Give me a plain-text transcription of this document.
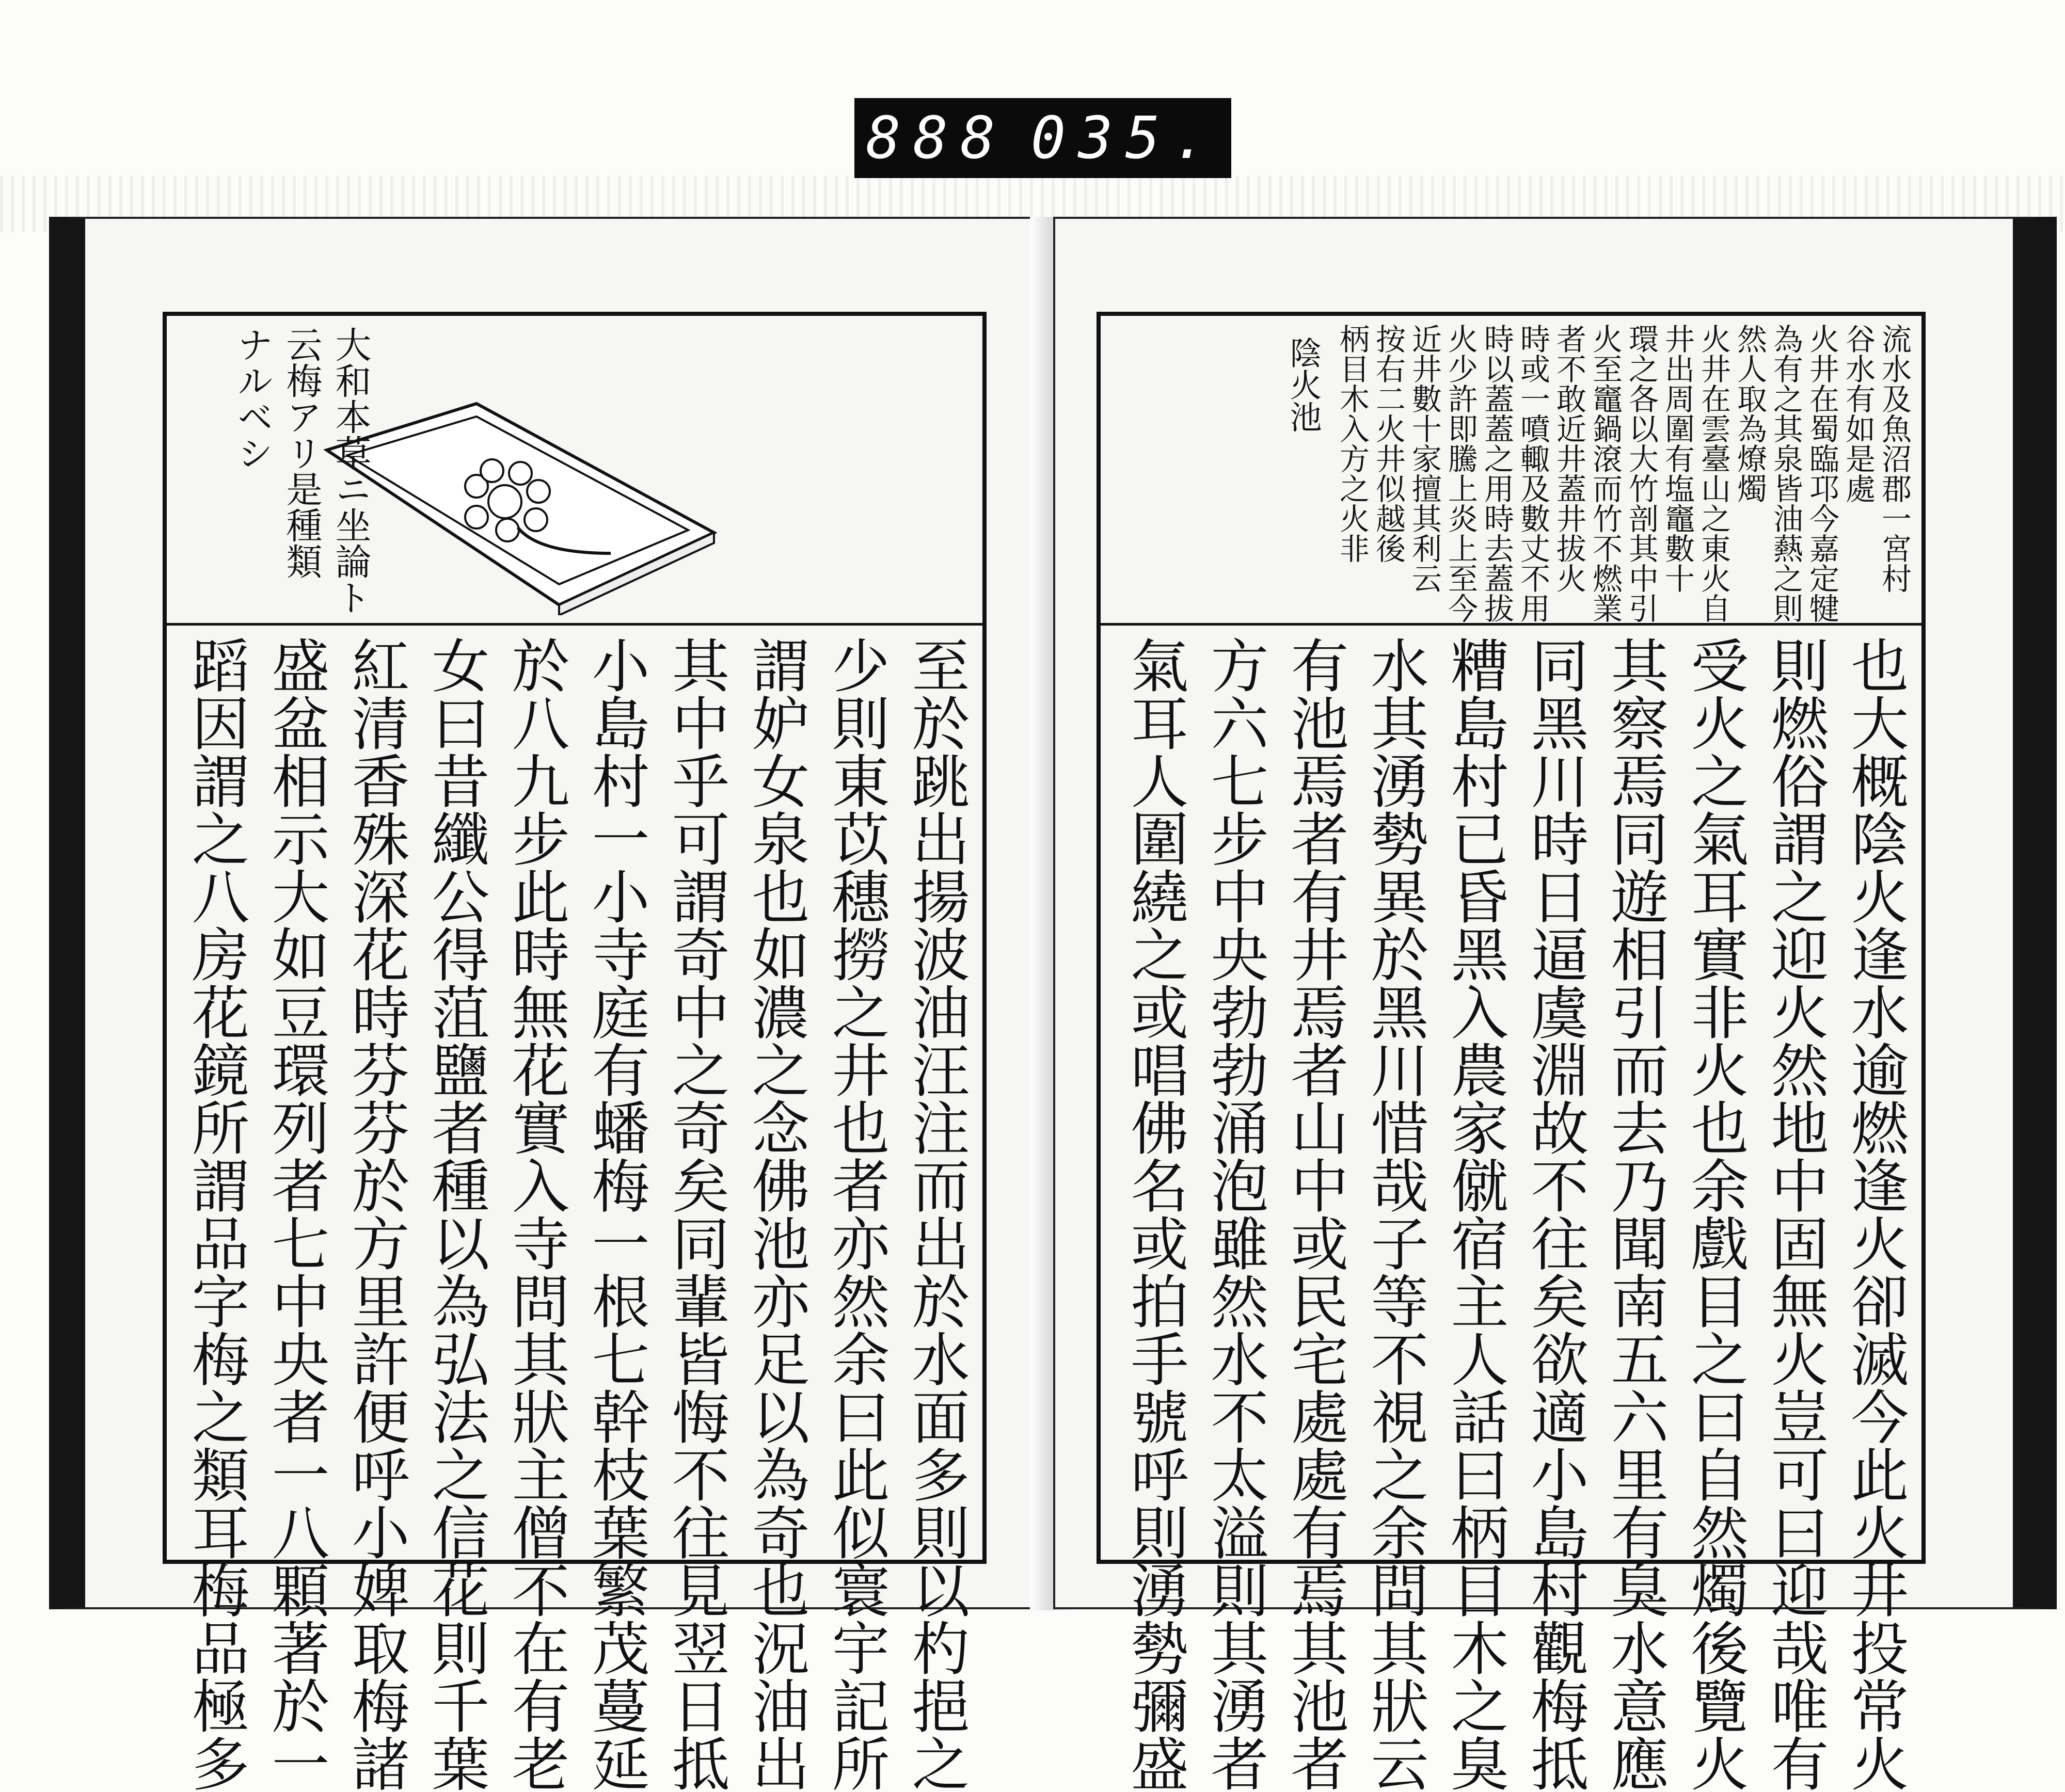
888 035.
大和本草ニ坐論ト
云梅アリ是種類
ナルベシ
至於跳出揚波油汪注而出於水面多則以杓挹之
少則東苡穗撈之井也者亦然余曰此似寰宇記所
謂妒女泉也如濃之念佛池亦足以為奇也況油出
其中乎可謂奇中之奇矣同輩皆悔不往見翌日抵
小島村一小寺庭有蟠梅一根七幹枝葉繁茂蔓延
於八九步此時無花實入寺問其狀主僧不在有老
女曰昔纖公得菹鹽者種以為弘法之信花則千葉
紅清香殊深花時芬芬於方里許便呼小婢取梅諸
盛盆相示大如豆環列者七中央者一八顆著於一
蹈因謂之八房花鏡所謂品字梅之類耳梅品極多
流水及魚沼郡一宮村
谷水有如是處
火井在蜀臨邛今嘉定犍
為有之其泉皆油爇之則
然人取為燎燭
火井在雲臺山之東火自
井出周圍有塩竈數十
環之各以大竹剖其中引
火至竈鍋滾而竹不燃業
者不敢近井蓋井拔火
時或一噴輙及數丈不用
時以蓋蓋之用時去蓋拔
火少許即騰上炎上至今
近井數十家擅其利云
按右二火井似越後
柄目木入方之火非
陰火池
也大概陰火逢水逾燃逢火卻滅今此火井投常火
則燃俗謂之迎火然地中固無火豈可曰迎哉唯有
受火之氣耳實非火也余戲目之曰自然燭後覽火
其察焉同遊相引而去乃聞南五六里有臭水意應
同黑川時日逼虞淵故不往矣欲適小島村觀梅抵
糟島村已昏黑入農家僦宿主人話曰柄目木之臭
水其湧勢異於黑川惜哉子等不視之余問其狀云
有池焉者有井焉者山中或民宅處處有焉其池者
方六七步中央勃勃涌泡雖然水不太溢則其湧者
氣耳人圍繞之或唱佛名或拍手號呼則湧勢彌盛
